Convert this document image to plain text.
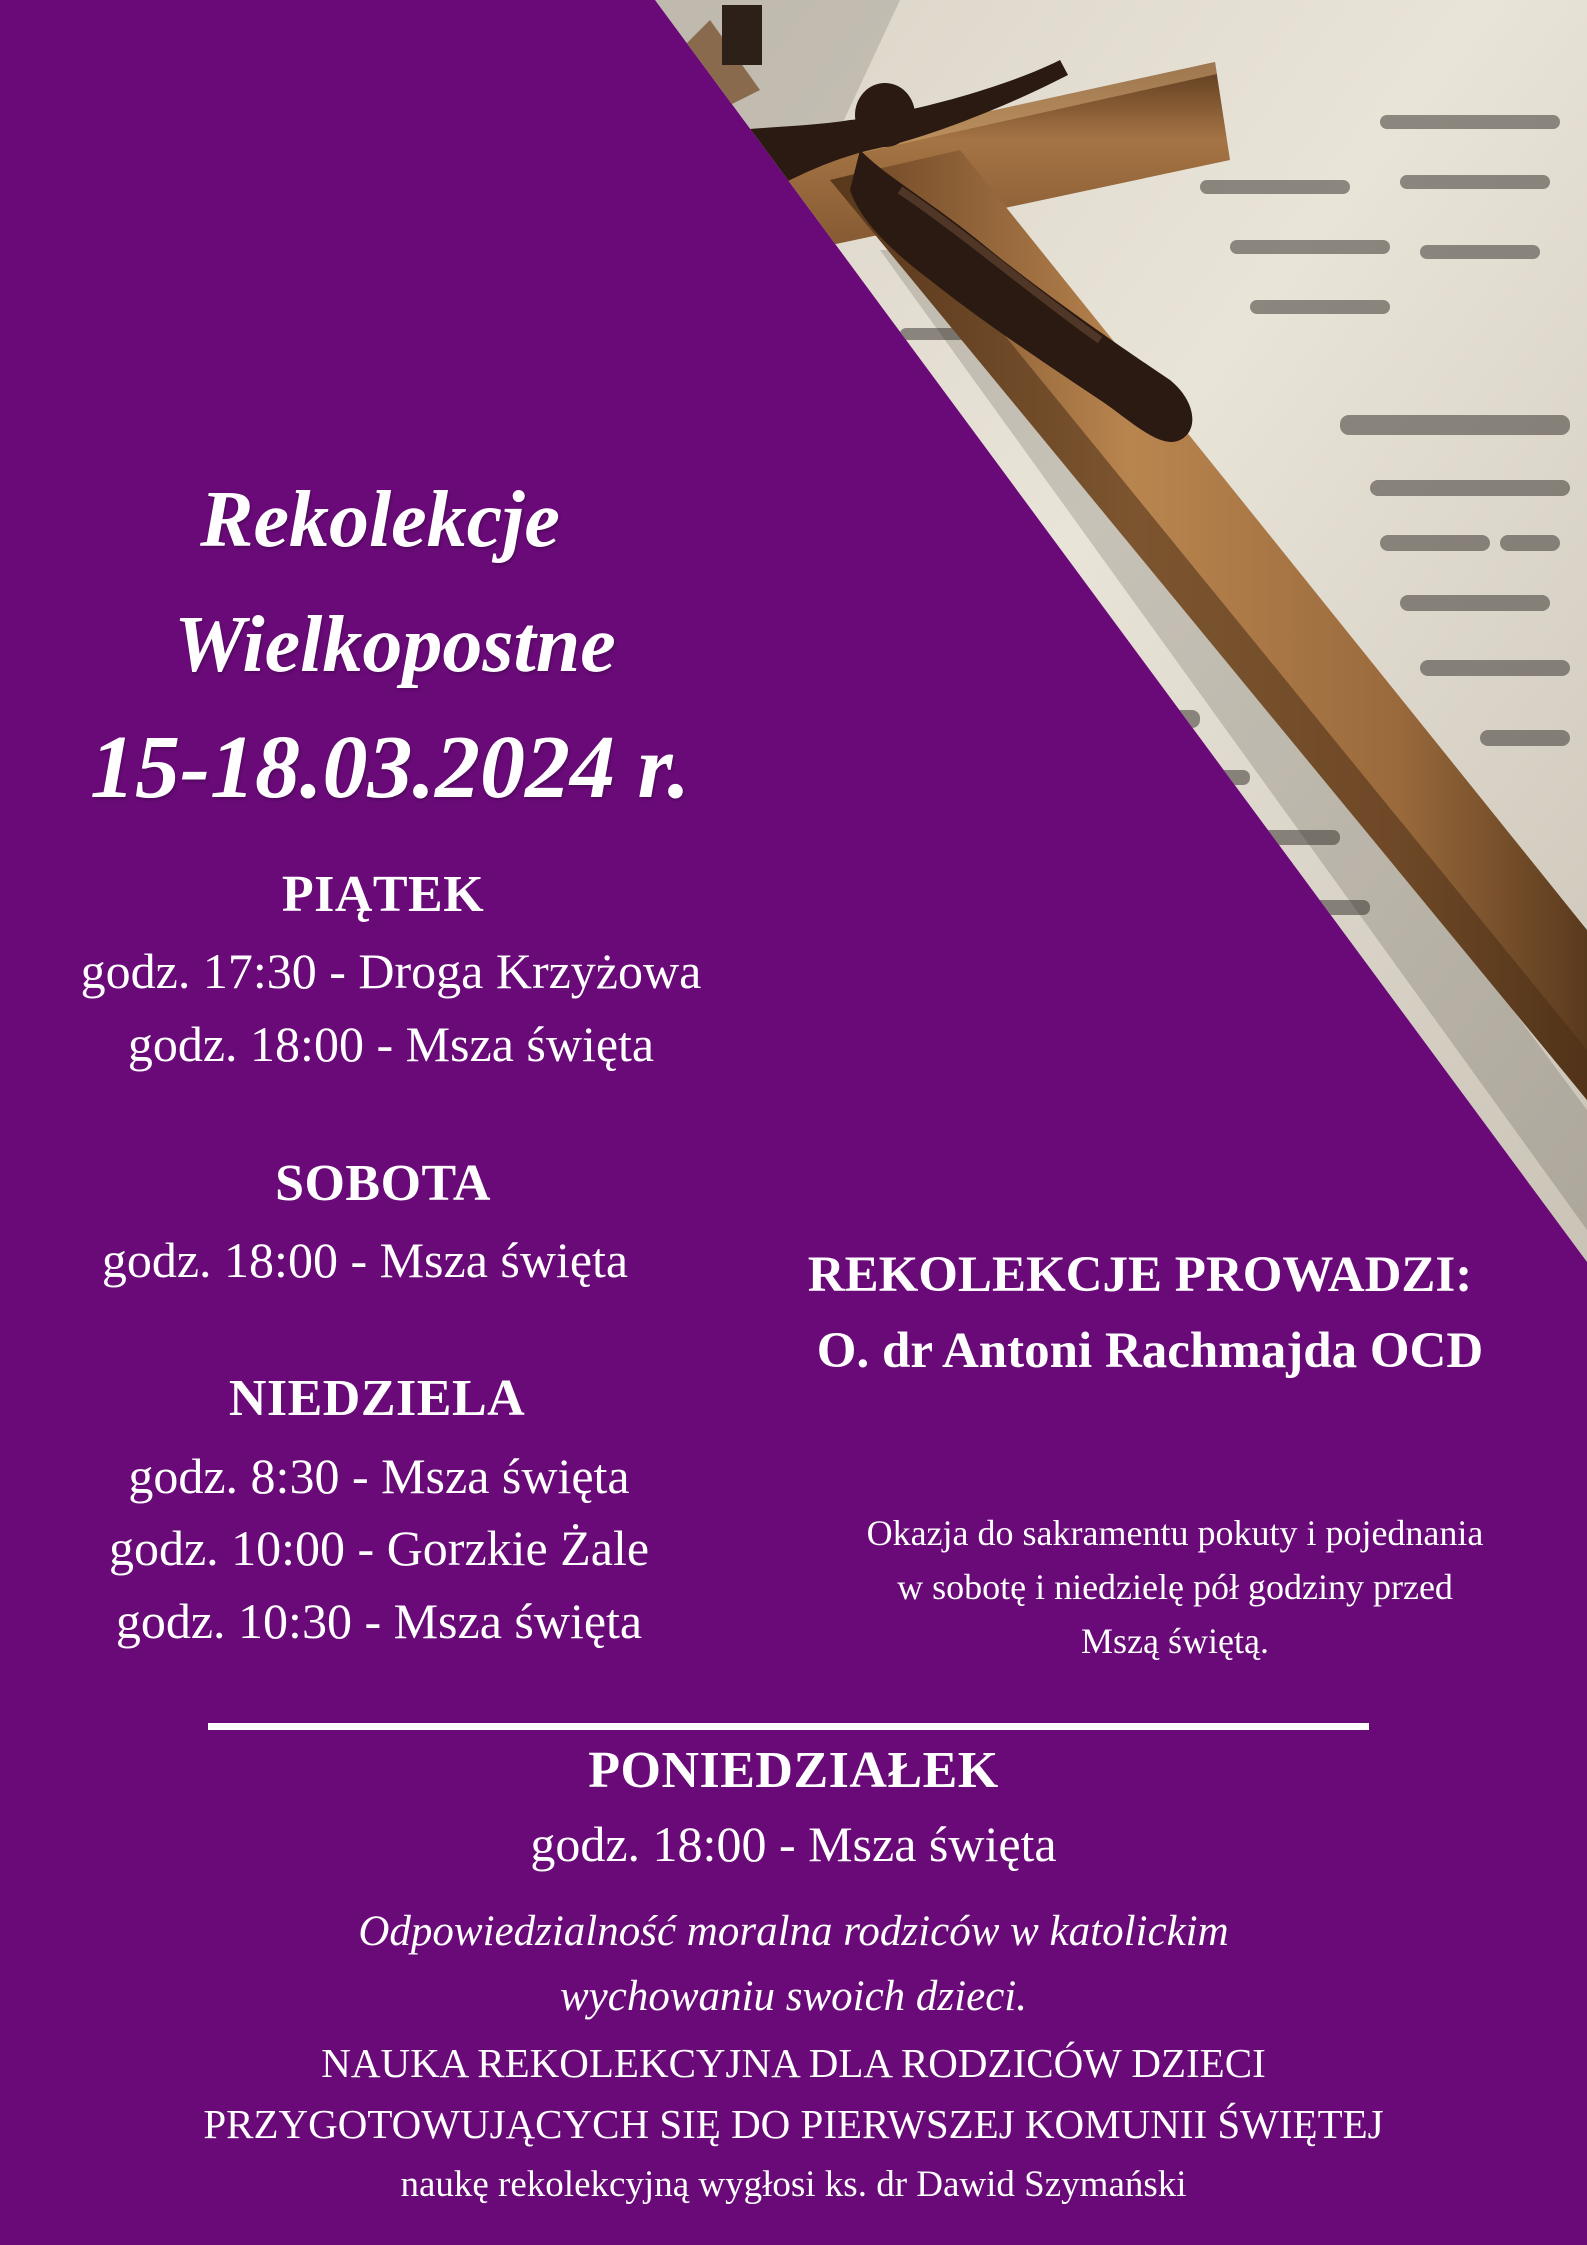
Rekolekcje
Wielkopostne
15-18.03.2024 r.
PIĄTEK
godz. 17:30 - Droga Krzyżowa
godz. 18:00 - Msza święta
SOBOTA
godz. 18:00 - Msza święta
NIEDZIELA
godz. 8:30 - Msza święta
godz. 10:00 - Gorzkie Żale
godz. 10:30 - Msza święta
REKOLEKCJE PROWADZI:
O. dr Antoni Rachmajda OCD
Okazja do sakramentu pokuty i pojednania
w sobotę i niedzielę pół godziny przed
Mszą świętą.
PONIEDZIAŁEK
godz. 18:00 - Msza święta
Odpowiedzialność moralna rodziców w katolickim
wychowaniu swoich dzieci.
NAUKA REKOLEKCYJNA DLA RODZICÓW DZIECI
PRZYGOTOWUJĄCYCH SIĘ DO PIERWSZEJ KOMUNII ŚWIĘTEJ
naukę rekolekcyjną wygłosi ks. dr Dawid Szymański
